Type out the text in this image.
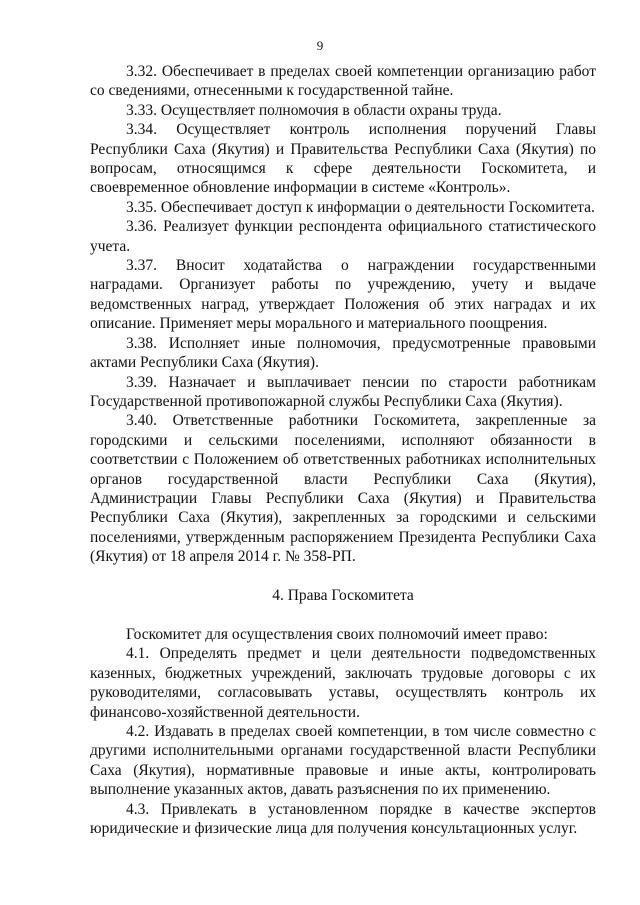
9

3.32. Обеспечивает в пределах своей компетенции организацию работ со сведениями, отнесенными к государственной тайне.

3.33. Осуществляет полномочия в области охраны труда.

3.34. Осуществляет контроль исполнения поручений Главы Республики Саха (Якутия) и Правительства Республики Саха (Якутия) по вопросам, относящимся к сфере деятельности Госкомитета, и своевременное обновление информации в системе «Контроль».

3.35. Обеспечивает доступ к информации о деятельности Госкомитета.

3.36. Реализует функции респондента официального статистического учета.

3.37. Вносит ходатайства о награждении государственными наградами. Организует работы по учреждению, учету и выдаче ведомственных наград, утверждает Положения об этих наградах и их описание. Применяет меры морального и материального поощрения.

3.38. Исполняет иные полномочия, предусмотренные правовыми актами Республики Саха (Якутия).

3.39. Назначает и выплачивает пенсии по старости работникам Государственной противопожарной службы Республики Саха (Якутия).

3.40. Ответственные работники Госкомитета, закрепленные за городскими и сельскими поселениями, исполняют обязанности в соответствии с Положением об ответственных работниках исполнительных органов государственной власти Республики Саха (Якутия), Администрации Главы Республики Саха (Якутия) и Правительства Республики Саха (Якутия), закрепленных за городскими и сельскими поселениями, утвержденным распоряжением Президента Республики Саха (Якутия) от 18 апреля 2014 г. № 358-РП.

4. Права Госкомитета

Госкомитет для осуществления своих полномочий имеет право:

4.1. Определять предмет и цели деятельности подведомственных казенных, бюджетных учреждений, заключать трудовые договоры с их руководителями, согласовывать уставы, осуществлять контроль их финансово-хозяйственной деятельности.

4.2. Издавать в пределах своей компетенции, в том числе совместно с другими исполнительными органами государственной власти Республики Саха (Якутия), нормативные правовые и иные акты, контролировать выполнение указанных актов, давать разъяснения по их применению.

4.3. Привлекать в установленном порядке в качестве экспертов юридические и физические лица для получения консультационных услуг.
